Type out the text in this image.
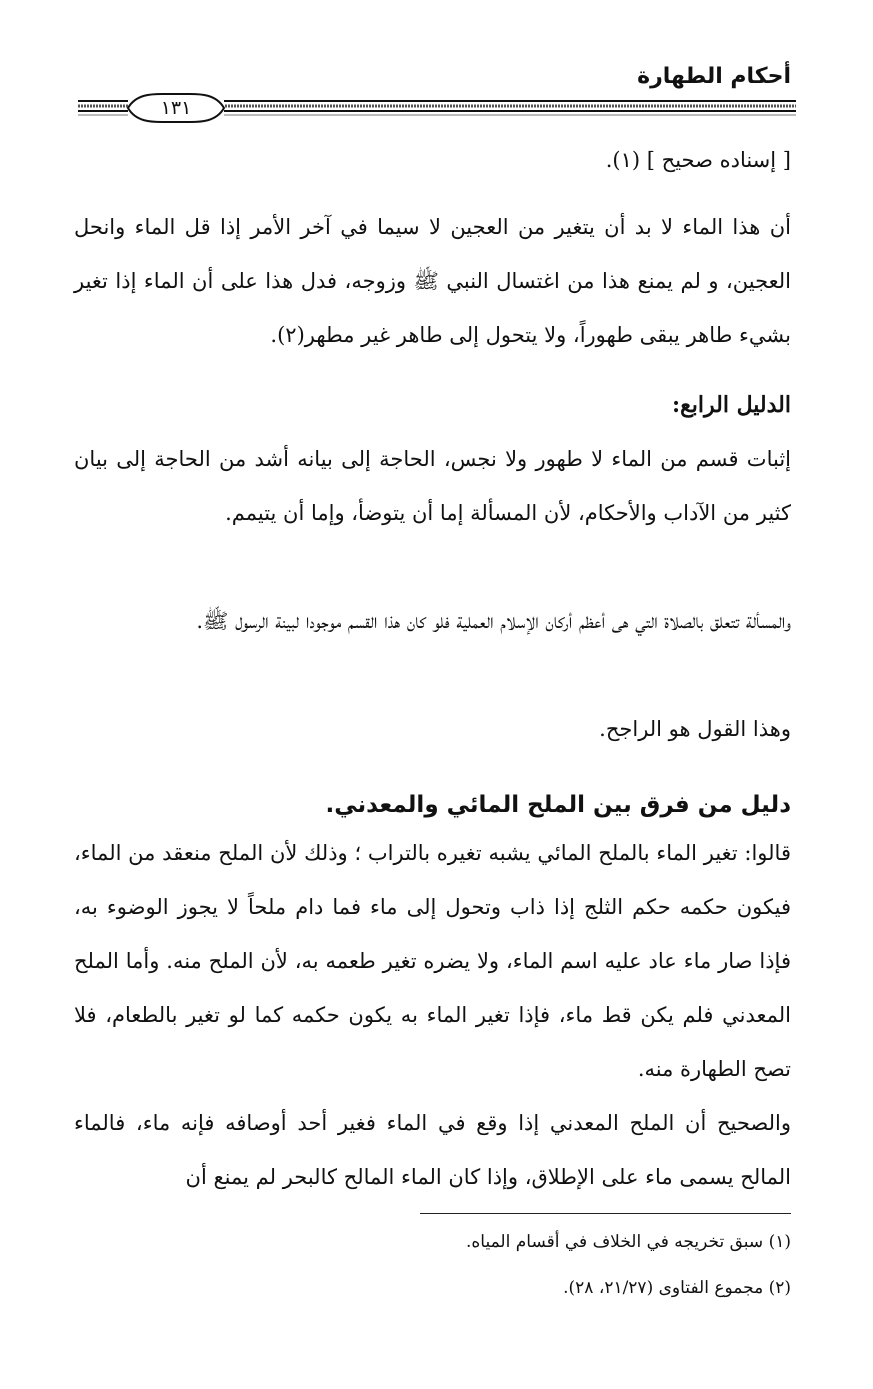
أحكام الطهارة
١٣١
[ إسناده صحيح ] (١).
أن هذا الماء لا بد أن يتغير من العجين لا سيما في آخر الأمر إذا قل الماء وانحل العجين، و لم يمنع هذا من اغتسال النبي ﷺ وزوجه، فدل هذا على أن الماء إذا تغير بشيء طاهر يبقى طهوراً، ولا يتحول إلى طاهر غير مطهر(٢).
الدليل الرابع:
إثبات قسم من الماء لا طهور ولا نجس، الحاجة إلى بيانه أشد من الحاجة إلى بيان كثير من الآداب والأحكام، لأن المسألة إما أن يتوضأ، وإما أن يتيمم.
والمسألة تتعلق بالصلاة التي هى أعظم أركان الإسلام العملية فلو كان هذا القسم موجودا لبينة الرسول ﷺ.
وهذا القول هو الراجح.
دليل من فرق بين الملح المائي والمعدني.
قالوا: تغير الماء بالملح المائي يشبه تغيره بالتراب ؛ وذلك لأن الملح منعقد من الماء، فيكون حكمه حكم الثلج إذا ذاب وتحول إلى ماء فما دام ملحاً لا يجوز الوضوء به، فإذا صار ماء عاد عليه اسم الماء، ولا يضره تغير طعمه به، لأن الملح منه. وأما الملح المعدني فلم يكن قط ماء، فإذا تغير الماء به يكون حكمه كما لو تغير بالطعام، فلا تصح الطهارة منه.
والصحيح أن الملح المعدني إذا وقع في الماء فغير أحد أوصافه فإنه ماء، فالماء المالح يسمى ماء على الإطلاق، وإذا كان الماء المالح كالبحر لم يمنع أن
(١) سبق تخريجه في الخلاف في أقسام المياه.
(٢) مجموع الفتاوى (٢١/٢٧، ٢٨).
